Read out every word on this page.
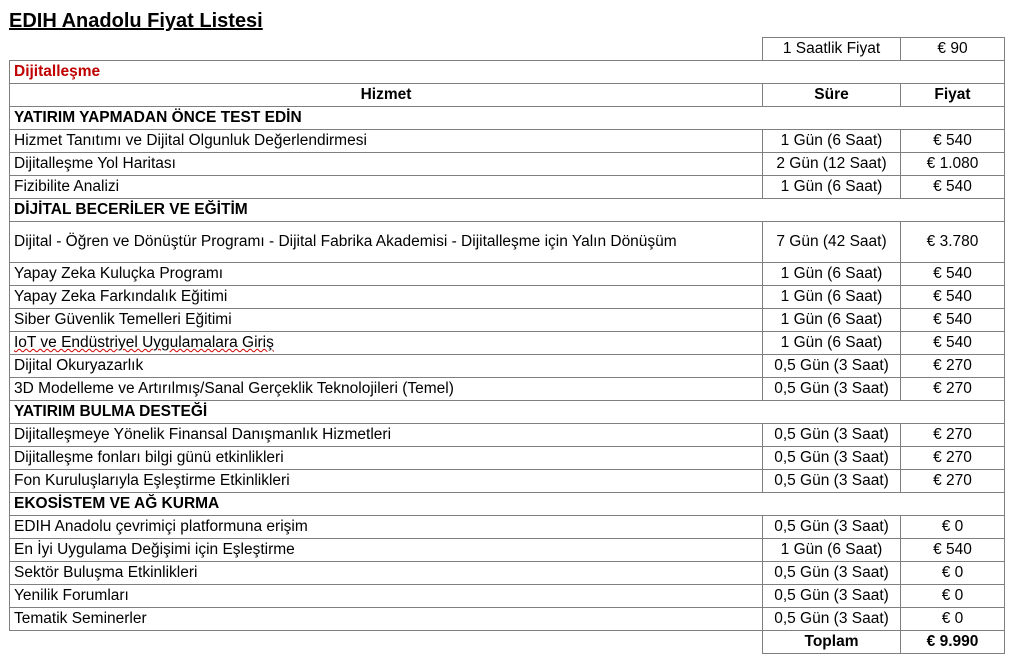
EDIH Anadolu Fiyat Listesi
	1 Saatlik Fiyat	€ 90
Dijitalleşme		
Hizmet	Süre	Fiyat
YATIRIM YAPMADAN ÖNCE TEST EDİN		
Hizmet Tanıtımı ve Dijital Olgunluk Değerlendirmesi	1 Gün (6 Saat)	€ 540
Dijitalleşme Yol Haritası	2 Gün (12 Saat)	€ 1.080
Fizibilite Analizi	1 Gün (6 Saat)	€ 540
DİJİTAL BECERİLER VE EĞİTİM		
Dijital - Öğren ve Dönüştür Programı - Dijital Fabrika Akademisi - Dijitalleşme için Yalın Dönüşüm	7 Gün (42 Saat)	€ 3.780
Yapay Zeka Kuluçka Programı	1 Gün (6 Saat)	€ 540
Yapay Zeka Farkındalık Eğitimi	1 Gün (6 Saat)	€ 540
Siber Güvenlik Temelleri Eğitimi	1 Gün (6 Saat)	€ 540
IoT ve Endüstriyel Uygulamalara Giriş	1 Gün (6 Saat)	€ 540
Dijital Okuryazarlık	0,5 Gün (3 Saat)	€ 270
3D Modelleme ve Artırılmış/Sanal Gerçeklik Teknolojileri (Temel)	0,5 Gün (3 Saat)	€ 270
YATIRIM BULMA DESTEĞİ		
Dijitalleşmeye Yönelik Finansal Danışmanlık Hizmetleri	0,5 Gün (3 Saat)	€ 270
Dijitalleşme fonları bilgi günü etkinlikleri	0,5 Gün (3 Saat)	€ 270
Fon Kuruluşlarıyla Eşleştirme Etkinlikleri	0,5 Gün (3 Saat)	€ 270
EKOSİSTEM VE AĞ KURMA		
EDIH Anadolu çevrimiçi platformuna erişim	0,5 Gün (3 Saat)	€ 0
En İyi Uygulama Değişimi için Eşleştirme	1 Gün (6 Saat)	€ 540
Sektör Buluşma Etkinlikleri	0,5 Gün (3 Saat)	€ 0
Yenilik Forumları	0,5 Gün (3 Saat)	€ 0
Tematik Seminerler	0,5 Gün (3 Saat)	€ 0
	Toplam	€ 9.990
